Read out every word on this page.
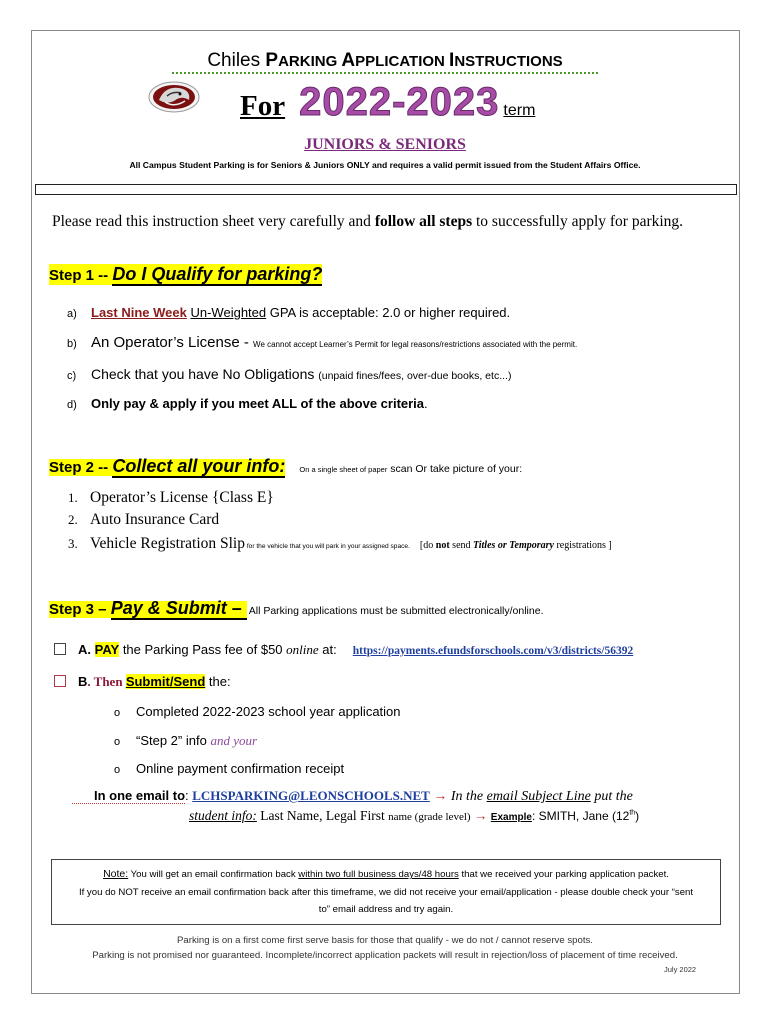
Chiles PARKING APPLICATION INSTRUCTIONS
For 2022-2023 term
JUNIORS & SENIORS
All Campus Student Parking is for Seniors & Juniors ONLY and requires a valid permit issued from the Student Affairs Office.
Please read this instruction sheet very carefully and follow all steps to successfully apply for parking.
Step 1 -- Do I Qualify for parking?
a) Last Nine Week Un-Weighted GPA is acceptable: 2.0 or higher required.
b) An Operator’s License - We cannot accept Learner’s Permit for legal reasons/restrictions associated with the permit.
c) Check that you have No Obligations (unpaid fines/fees, over-due books, etc...)
d) Only pay & apply if you meet ALL of the above criteria.
Step 2 -- Collect all your info: On a single sheet of paper scan Or take picture of your:
1. Operator’s License {Class E}
2. Auto Insurance Card
3. Vehicle Registration Slip for the vehicle that you will park in your assigned space. [do not send Titles or Temporary registrations ]
Step 3 – Pay & Submit – All Parking applications must be submitted electronically/online.
A. PAY the Parking Pass fee of $50 online at: https://payments.efundsforschools.com/v3/districts/56392
B. Then Submit/Send the:
o Completed 2022-2023 school year application
o “Step 2” info and your
o Online payment confirmation receipt
In one email to: LCHSPARKING@LEONSCHOOLS.NET → In the email Subject Line put the
student info: Last Name, Legal First name (grade level) → Example: SMITH, Jane (12th)
Note: You will get an email confirmation back within two full business days/48 hours that we received your parking application packet.
If you do NOT receive an email confirmation back after this timeframe, we did not receive your email/application - please double check your “sent
to” email address and try again.
Parking is on a first come first serve basis for those that qualify - we do not / cannot reserve spots.
Parking is not promised nor guaranteed. Incomplete/incorrect application packets will result in rejection/loss of placement of time received.
July 2022
